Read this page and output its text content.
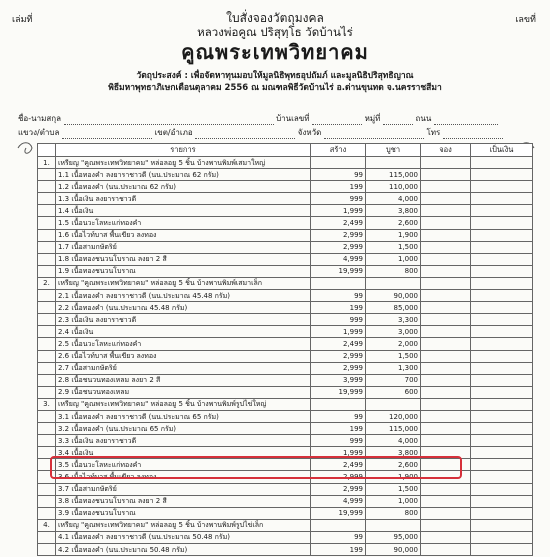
เล่มที่	เลขที่
ใบสั่งจองวัตถุมงคล
หลวงพ่อคูณ ปริสุทฺโธ วัดบ้านไร่
คูณพระเทพวิทยาคม
วัตถุประสงค์ : เพื่อจัดหาทุนมอบให้มูลนิธิพุทธอุปถัมภ์ และมูลนิธิปริสุทธิญาณ
พิธีมหาพุทธาภิเษกเดือนตุลาคม 2556 ณ มณฑลพิธีวัดบ้านไร่ อ.ด่านขุนทด จ.นครราชสีมา
ชื่อ-นามสกุล	บ้านเลขที่	หมู่ที่	ถนน
แขวง/ตำบล	เขต/อำเภอ	จังหวัด	โทร
	รายการ	สร้าง	บูชา	จอง	เป็นเงิน
1.	เหรียญ "คูณพระเทพวิทยาคม" หล่อลอยู 5 ชิ้น บ้างพานพิมพ์เสมาใหญ่				
	1.1 เนื้อทองคำ ลงยาราชาวดี (นน.ประมาณ 62 กรัม)	99	115,000		
	1.2 เนื้อทองคำ (นน.ประมาณ 62 กรัม)	199	110,000		
	1.3 เนื้อเงิน ลงยาราชาวดี	999	4,000		
	1.4 เนื้อเงิน	1,999	3,800		
	1.5 เนื้อนวะโลหะแก่ทองคำ	2,499	2,600		
	1.6 เนื้อไวท์บาส พื้นเขียว ลงทอง	2,999	1,900		
	1.7 เนื้อสามกษัตริย์	2,999	1,500		
	1.8 เนื้อทองชนวนโบราณ ลงยา 2 สี	4,999	1,000		
	1.9 เนื้อทองชนวนโบราณ	19,999	800		
2.	เหรียญ "คูณพระเทพวิทยาคม" หล่อลอยู 5 ชิ้น บ้างพานพิมพ์เสมาเล็ก				
	2.1 เนื้อทองคำ ลงยาราชาวดี (นน.ประมาณ 45.48 กรัม)	99	90,000		
	2.2 เนื้อทองคำ (นน.ประมาณ 45.48 กรัม)	199	85,000		
	2.3 เนื้อเงิน ลงยาราชาวดี	999	3,300		
	2.4 เนื้อเงิน	1,999	3,000		
	2.5 เนื้อนวะโลหะแก่ทองคำ	2,499	2,000		
	2.6 เนื้อไวท์บาส พื้นเขียว ลงทอง	2,999	1,500		
	2.7 เนื้อสามกษัตริย์	2,999	1,300		
	2.8 เนื้อชนวนทองเหลม ลงยา 2 สี	3,999	700		
	2.9 เนื้อชนวนทองเหลม	19,999	600		
3.	เหรียญ "คูณพระเทพวิทยาคม" หล่อลอยู 5 ชิ้น บ้างพานพิมพ์รูปไข่ใหญ่				
	3.1 เนื้อทองคำ ลงยาราชาวดี (นน.ประมาณ 65 กรัม)	99	120,000		
	3.2 เนื้อทองคำ (นน.ประมาณ 65 กรัม)	199	115,000		
	3.3 เนื้อเงิน ลงยาราชาวดี	999	4,000		
	3.4 เนื้อเงิน	1,999	3,800		
	3.5 เนื้อนวะโลหะแก่ทองคำ	2,499	2,600		
	3.6 เนื้อไวท์บาส พื้นเขียว ลงทอง	2,999	1,900		
	3.7 เนื้อสามกษัตริย์	2,999	1,500		
	3.8 เนื้อทองชนวนโบราณ ลงยา 2 สี	4,999	1,000		
	3.9 เนื้อทองชนวนโบราณ	19,999	800		
4.	เหรียญ "คูณพระเทพวิทยาคม" หล่อลอยู 5 ชิ้น บ้างพานพิมพ์รูปไข่เล็ก				
	4.1 เนื้อทองคำ ลงยาราชาวดี (นน.ประมาณ 50.48 กรัม)	99	95,000		
	4.2 เนื้อทองคำ (นน.ประมาณ 50.48 กรัม)	199	90,000		
